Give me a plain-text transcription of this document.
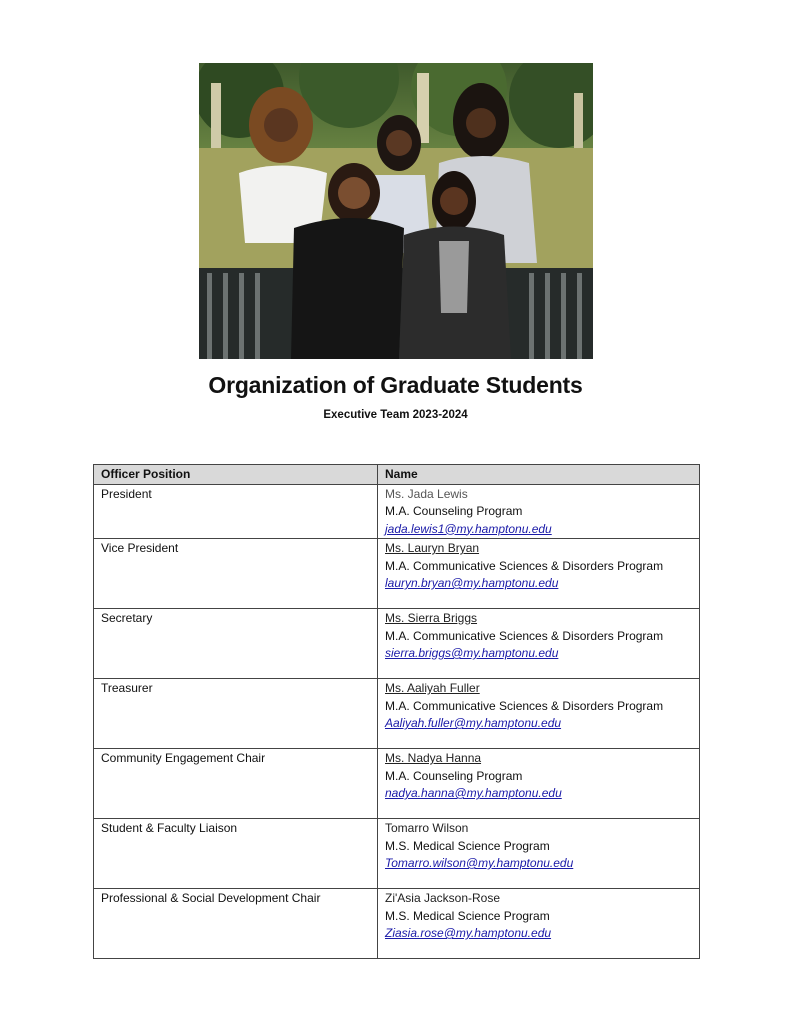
Organization of Graduate Students
Executive Team 2023-2024
Officer Position	Name
President	Ms. Jada Lewis
M.A. Counseling Program
jada.lewis1@my.hamptonu.edu

Vice President	Ms. Lauryn Bryan
M.A. Communicative Sciences & Disorders Program
lauryn.bryan@my.hamptonu.edu

Secretary	Ms. Sierra Briggs
M.A. Communicative Sciences & Disorders Program
sierra.briggs@my.hamptonu.edu

Treasurer	Ms. Aaliyah Fuller
M.A. Communicative Sciences & Disorders Program
Aaliyah.fuller@my.hamptonu.edu

Community Engagement Chair	Ms. Nadya Hanna
M.A. Counseling Program
nadya.hanna@my.hamptonu.edu

Student & Faculty Liaison	Tomarro Wilson
M.S. Medical Science Program
Tomarro.wilson@my.hamptonu.edu

Professional & Social Development Chair	Zi'Asia Jackson-Rose
M.S. Medical Science Program
Ziasia.rose@my.hamptonu.edu
